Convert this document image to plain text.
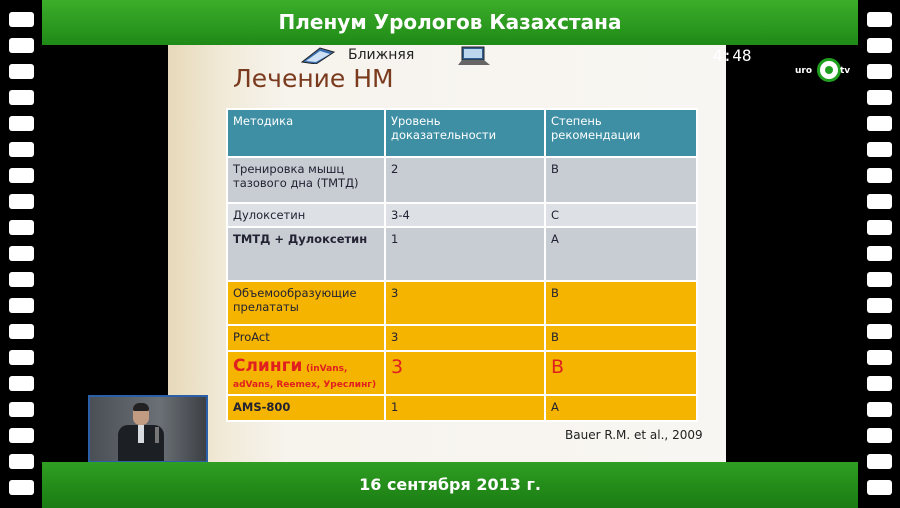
Пленум Урологов Казахстана
Ближняя
Лечение НМ
Методика	Уровень доказательности	Степень рекомендации
Тренировка мышц тазового дна (ТМТД)	2	B
Дулоксетин	3-4	C
ТМТД + Дулоксетин	1	A
Объемообразующие прелататы	3	B
ProAct	3	B
Слинги (inVans, adVans, Reemex, Уреслинг)	3	B
AMS-800	1	A
Bauer R.M. et al., 2009
4:48
uro	tv
16 сентября 2013 г.
